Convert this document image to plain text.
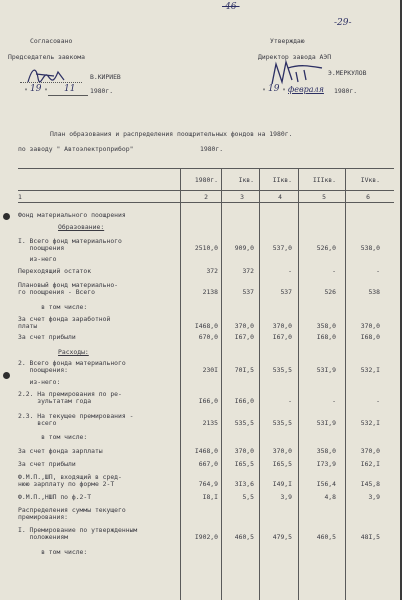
-46-
-29-
Согласовано
Председатель завкома
В.КИРИЕВ
" 19 " 11 1980г.
Утверждаю
Директор завода АЭП
Э.МЕРКУЛОВ
" 19 " февраля 1980г.
План образования и распределения поощрительных фондов на 1980г.
по заводу " Автоэлектроприбор"	1980г.
1980г.	Iкв.	IIкв.	IIIкв.	IVкв.
1	2	3	4	5	6
Фонд материального поощрения
Образование:
I. Всего фонд материального
поощрения	2510,0	909,0	537,0	526,0	538,0
из-него
Переходящий остаток	372	372	-	-	-
Плановый фонд материально-
го поощрения - Всего	2138	537	537	526	538
в том числе:
За счет фонда заработной
платы	I468,0	370,0	370,0	358,0	370,0
За счет прибыли	670,0	I67,0	I67,0	I68,0	I68,0
Расходы:
2. Всего фонда материального
поощрения:	230I	70I,5	535,5	53I,9	532,I
из-него:
2.2. На премирования по ре-
зультатам года	I66,0	I66,0	-	-	-
2.3. На текущее премирования -
всего	2135	535,5	535,5	53I,9	532,I
в том числе:
За счет фонда зарплаты	I468,0	370,0	370,0	358,0	370,0
За счет прибыли	667,0	I65,5	I65,5	I73,9	I62,I
Ф.М.П.,ШП, входящий в сред-
нюю зарплату по форме 2-Т	764,9	3I3,6	I49,I	I56,4	I45,8
Ф.М.П.,НШП по ф.2-Т	I8,I	5,5	3,9	4,8	3,9
Распределения суммы текущего
премирования:
I. Премирование по утвержденным
положениям	I902,0	460,5	479,5	460,5	48I,5
в том числе:
